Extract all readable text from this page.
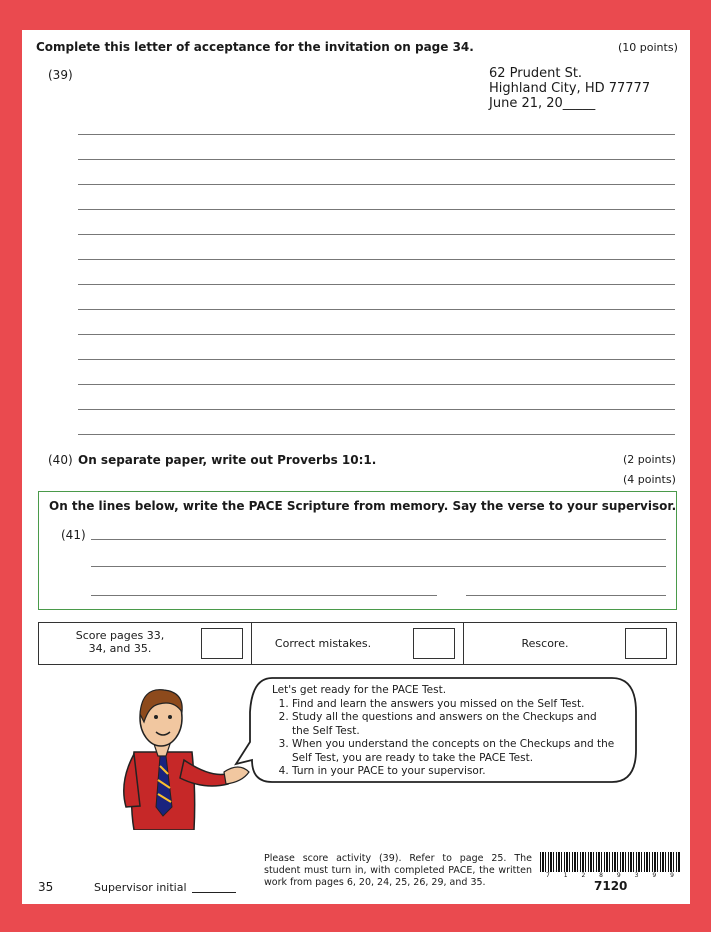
Complete this letter of acceptance for the invitation on page 34.	(10 points)
(39)	62 Prudent St.
Highland City, HD 77777
June 21, 20_____
(40) On separate paper, write out Proverbs 10:1.	(2 points)
(4 points)
On the lines below, write the PACE Scripture from memory. Say the verse to your supervisor.
(41)
Score pages 33, 34, and 35.	Correct mistakes.	Rescore.
Let's get ready for the PACE Test.
1. Find and learn the answers you missed on the Self Test.
2. Study all the questions and answers on the Checkups and the Self Test.
3. When you understand the concepts on the Checkups and the Self Test, you are ready to take the PACE Test.
4. Turn in your PACE to your supervisor.
35	Supervisor initial
Please score activity (39). Refer to page 25. The student must turn in, with completed PACE, the written work from pages 6, 20, 24, 25, 26, 29, and 35.
7 1 2 8 9 3 9 9
7120
